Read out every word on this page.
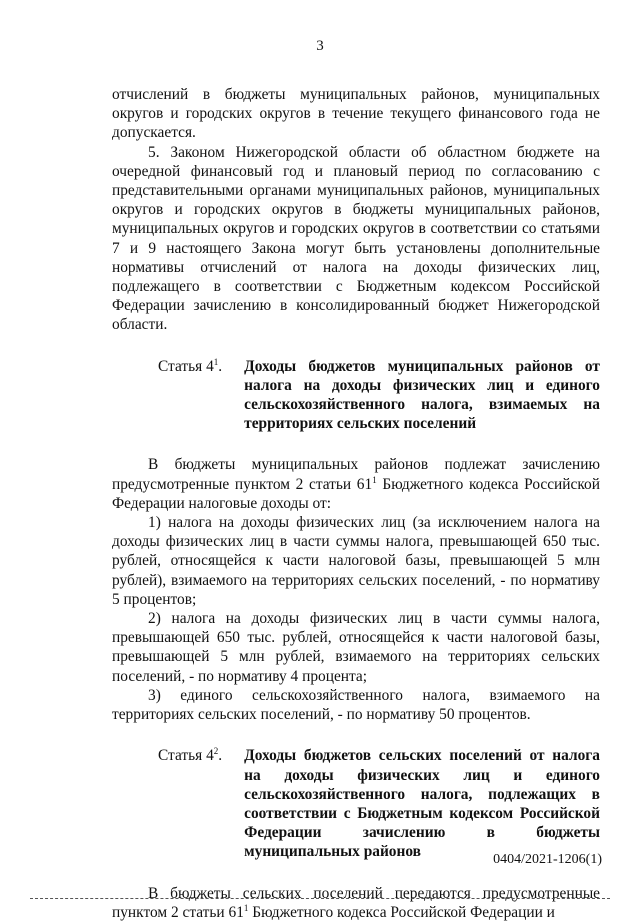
3

отчислений в бюджеты муниципальных районов, муниципальных округов и городских округов в течение текущего финансового года не допускается.

5. Законом Нижегородской области об областном бюджете на очередной финансовый год и плановый период по согласованию с представительными органами муниципальных районов, муниципальных округов и городских округов в бюджеты муниципальных районов, муниципальных округов и городских округов в соответствии со статьями 7 и 9 настоящего Закона могут быть установлены дополнительные нормативы отчислений от налога на доходы физических лиц, подлежащего в соответствии с Бюджетным кодексом Российской Федерации зачислению в консолидированный бюджет Нижегородской области.

Статья $4^1$.	Доходы бюджетов муниципальных районов от налога на доходы физических лиц и единого сельскохозяйственного налога, взимаемых на территориях сельских поселений

В бюджеты муниципальных районов подлежат зачислению предусмотренные пунктом 2 статьи $61^1$ Бюджетного кодекса Российской Федерации налоговые доходы от:

1) налога на доходы физических лиц (за исключением налога на доходы физических лиц в части суммы налога, превышающей 650 тыс. рублей, относящейся к части налоговой базы, превышающей 5 млн рублей), взимаемого на территориях сельских поселений, - по нормативу 5 процентов;

2) налога на доходы физических лиц в части суммы налога, превышающей 650 тыс. рублей, относящейся к части налоговой базы, превышающей 5 млн рублей, взимаемого на территориях сельских поселений, - по нормативу 4 процента;

3) единого сельскохозяйственного налога, взимаемого на территориях сельских поселений, - по нормативу 50 процентов.

Статья $4^2$.	Доходы бюджетов сельских поселений от налога на доходы физических лиц и единого сельскохозяйственного налога, подлежащих в соответствии с Бюджетным кодексом Российской Федерации зачислению в бюджеты муниципальных районов

В бюджеты сельских поселений передаются предусмотренные пунктом 2 статьи $61^1$ Бюджетного кодекса Российской Федерации и

0404/2021-1206(1)
